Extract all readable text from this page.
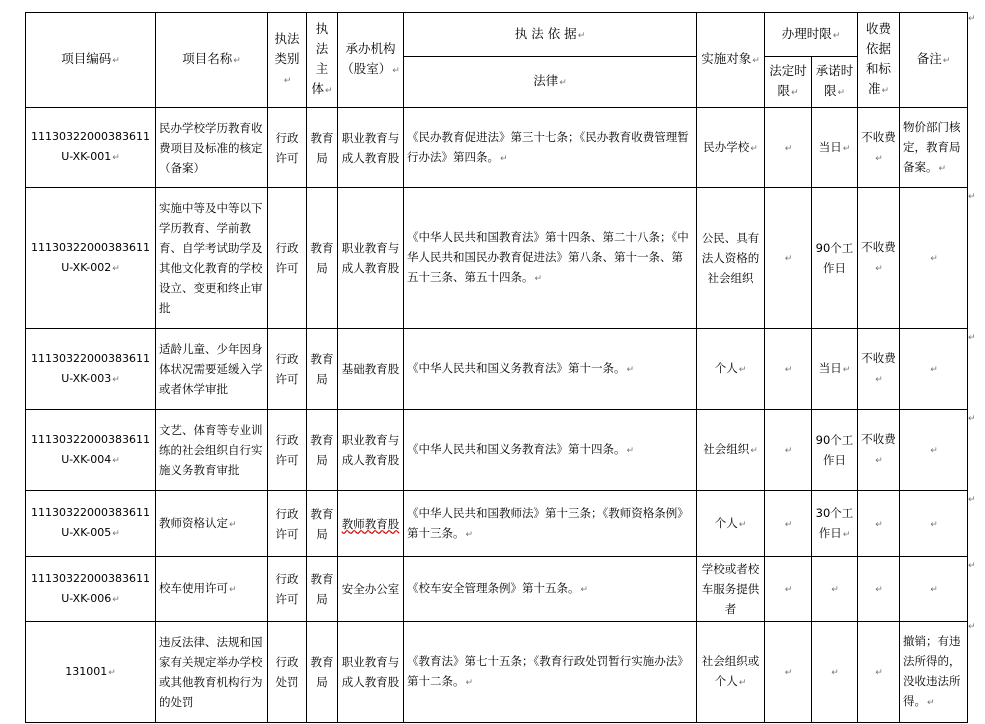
项目编码↵	项目名称↵	执法类别↵	执法主体↵	承办机构（股室）↵	执 法 依 据↵	实施对象↵	办理时限↵		收费依据和标准↵	备注↵
					法律↵		法定时限↵	承诺时限↵		
11130322000383611U-XK-001↵	民办学校学历教育收费项目及标准的核定（备案）	行政许可	教育局	职业教育与成人教育股	《民办教育促进法》第三十七条；《民办教育收费管理暂行办法》第四条。↵	民办学校↵	↵	当日↵	不收费↵	物价部门核定，教育局备案。↵
11130322000383611U-XK-002↵	实施中等及中等以下学历教育、学前教育、自学考试助学及其他文化教育的学校设立、变更和终止审批	行政许可	教育局	职业教育与成人教育股	《中华人民共和国教育法》第十四条、第二十八条；《中华人民共和国民办教育促进法》第八条、第十一条、第五十三条、第五十四条。↵	公民、具有法人资格的社会组织	↵	90个工作日	不收费↵	↵
11130322000383611U-XK-003↵	适龄儿童、少年因身体状况需要延缓入学或者休学审批	行政许可	教育局	基础教育股	《中华人民共和国义务教育法》第十一条。↵	个人↵	↵	当日↵	不收费↵	↵
11130322000383611U-XK-004↵	文艺、体育等专业训练的社会组织自行实施义务教育审批	行政许可	教育局	职业教育与成人教育股	《中华人民共和国义务教育法》第十四条。↵	社会组织↵	↵	90个工作日	不收费↵	↵
11130322000383611U-XK-005↵	教师资格认定↵	行政许可	教育局	教师教育股	《中华人民共和国教师法》第十三条；《教师资格条例》第十三条。↵	个人↵	↵	30个工作日↵	↵	↵
11130322000383611U-XK-006↵	校车使用许可↵	行政许可	教育局	安全办公室	《校车安全管理条例》第十五条。↵	学校或者校车服务提供者	↵	↵	↵	↵
131001↵	违反法律、法规和国家有关规定举办学校或其他教育机构行为的处罚	行政处罚	教育局	职业教育与成人教育股	《教育法》第七十五条；《教育行政处罚暂行实施办法》第十二条。↵	社会组织或个人↵	↵	↵	↵	撤销；有违法所得的，没收违法所得。↵
↵
↵
↵
↵
↵
↵
↵
